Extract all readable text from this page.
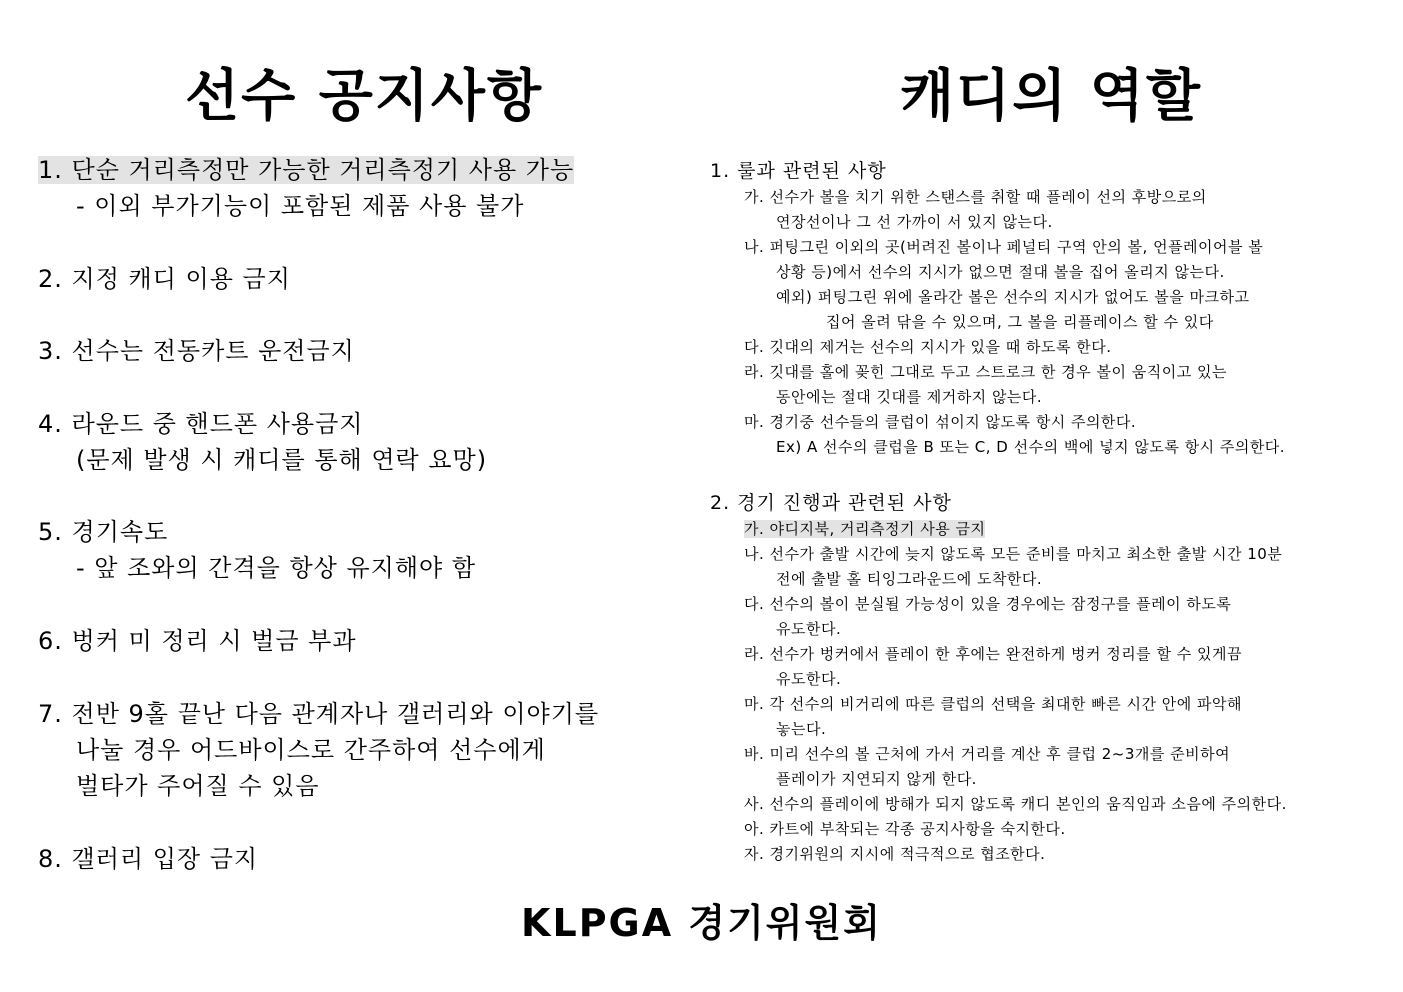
선수 공지사항	캐디의 역할
1. 단순 거리측정만 가능한 거리측정기 사용 가능
- 이외 부가기능이 포함된 제품 사용 불가
2. 지정 캐디 이용 금지
3. 선수는 전동카트 운전금지
4. 라운드 중 핸드폰 사용금지
(문제 발생 시 캐디를 통해 연락 요망)
5. 경기속도
- 앞 조와의 간격을 항상 유지해야 함
6. 벙커 미 정리 시 벌금 부과
7. 전반 9홀 끝난 다음 관계자나 갤러리와 이야기를
나눌 경우 어드바이스로 간주하여 선수에게
벌타가 주어질 수 있음
8. 갤러리 입장 금지
1. 룰과 관련된 사항
가. 선수가 볼을 치기 위한 스탠스를 취할 때 플레이 선의 후방으로의
연장선이나 그 선 가까이 서 있지 않는다.
나. 퍼팅그린 이외의 곳(버려진 볼이나 페널티 구역 안의 볼, 언플레이어블 볼
상황 등)에서 선수의 지시가 없으면 절대 볼을 집어 올리지 않는다.
예외) 퍼팅그린 위에 올라간 볼은 선수의 지시가 없어도 볼을 마크하고
집어 올려 닦을 수 있으며, 그 볼을 리플레이스 할 수 있다
다. 깃대의 제거는 선수의 지시가 있을 때 하도록 한다.
라. 깃대를 홀에 꽂힌 그대로 두고 스트로크 한 경우 볼이 움직이고 있는
동안에는 절대 깃대를 제거하지 않는다.
마. 경기중 선수들의 클럽이 섞이지 않도록 항시 주의한다.
Ex) A 선수의 클럽을 B 또는 C, D 선수의 백에 넣지 않도록 항시 주의한다.
2. 경기 진행과 관련된 사항
가. 야디지북, 거리측정기 사용 금지
나. 선수가 출발 시간에 늦지 않도록 모든 준비를 마치고 최소한 출발 시간 10분
전에 출발 홀 티잉그라운드에 도착한다.
다. 선수의 볼이 분실될 가능성이 있을 경우에는 잠정구를 플레이 하도록
유도한다.
라. 선수가 벙커에서 플레이 한 후에는 완전하게 벙커 정리를 할 수 있게끔
유도한다.
마. 각 선수의 비거리에 따른 클럽의 선택을 최대한 빠른 시간 안에 파악해
놓는다.
바. 미리 선수의 볼 근처에 가서 거리를 계산 후 클럽 2~3개를 준비하여
플레이가 지연되지 않게 한다.
사. 선수의 플레이에 방해가 되지 않도록 캐디 본인의 움직임과 소음에 주의한다.
아. 카트에 부착되는 각종 공지사항을 숙지한다.
자. 경기위원의 지시에 적극적으로 협조한다.
KLPGA 경기위원회
